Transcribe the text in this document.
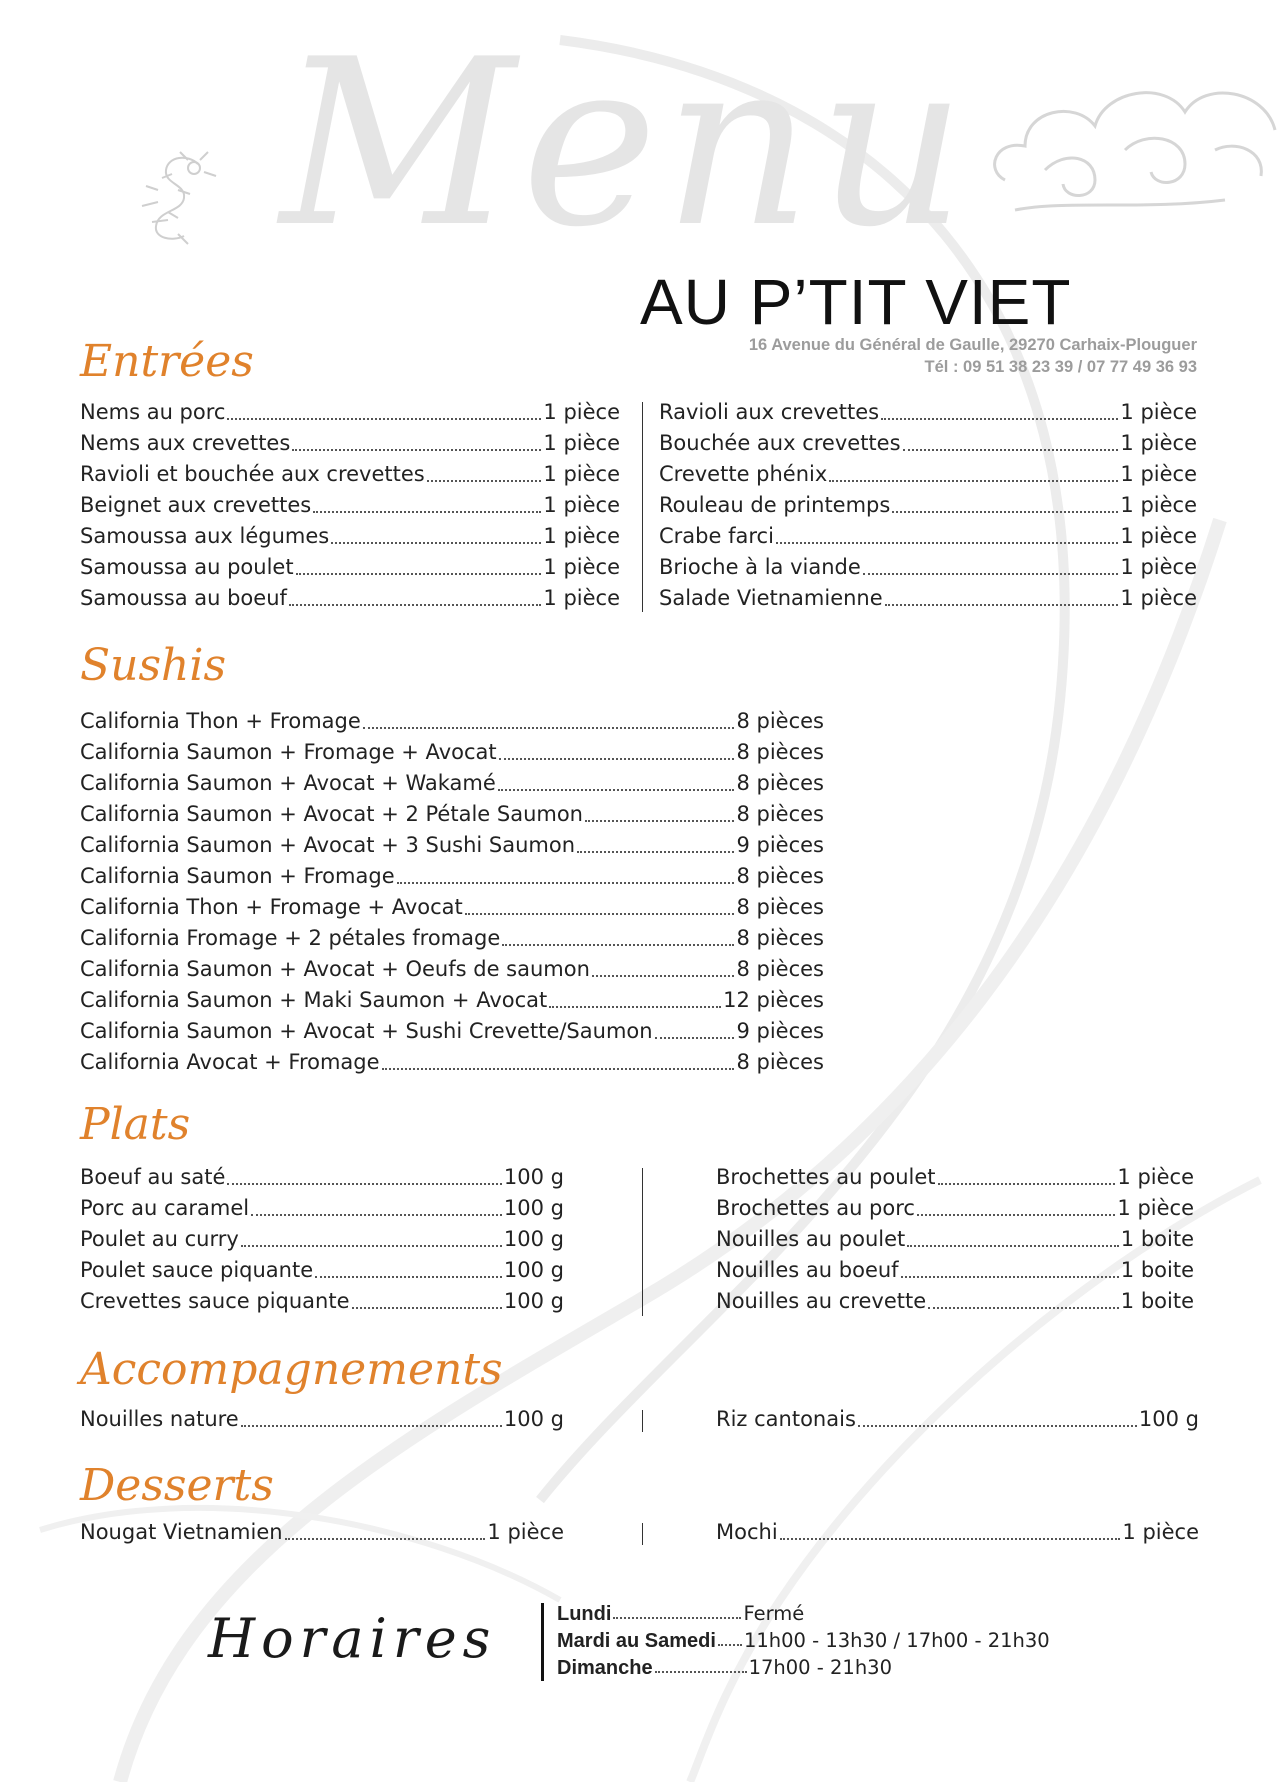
Menu
AU P’TIT VIET
16 Avenue du Général de Gaulle, 29270 Carhaix-Plouguer
Tél : 09 51 38 23 39 / 07 77 49 36 93
Entrées
Nems au porc	1 pièce
Nems aux crevettes	1 pièce
Ravioli et bouchée aux crevettes	1 pièce
Beignet aux crevettes	1 pièce
Samoussa aux légumes	1 pièce
Samoussa au poulet	1 pièce
Samoussa au boeuf	1 pièce
Ravioli aux crevettes	1 pièce
Bouchée aux crevettes	1 pièce
Crevette phénix	1 pièce
Rouleau de printemps	1 pièce
Crabe farci	1 pièce
Brioche à la viande	1 pièce
Salade Vietnamienne	1 pièce
Sushis
California Thon + Fromage	8 pièces
California Saumon + Fromage + Avocat	8 pièces
California Saumon + Avocat + Wakamé	8 pièces
California Saumon + Avocat + 2 Pétale Saumon	8 pièces
California Saumon + Avocat + 3 Sushi Saumon	9 pièces
California Saumon + Fromage	8 pièces
California Thon + Fromage + Avocat	8 pièces
California Fromage + 2 pétales fromage	8 pièces
California Saumon + Avocat + Oeufs de saumon	8 pièces
California Saumon + Maki Saumon + Avocat	12 pièces
California Saumon + Avocat + Sushi Crevette/Saumon	9 pièces
California Avocat + Fromage	8 pièces
Plats
Boeuf au saté	100 g
Porc au caramel	100 g
Poulet au curry	100 g
Poulet sauce piquante	100 g
Crevettes sauce piquante	100 g
Brochettes au poulet	1 pièce
Brochettes au porc	1 pièce
Nouilles au poulet	1 boite
Nouilles au boeuf	1 boite
Nouilles au crevette	1 boite
Accompagnements
Nouilles nature	100 g	Riz cantonais	100 g
Desserts
Nougat Vietnamien	1 pièce	Mochi	1 pièce
Horaires	Lundi	Fermé
Mardi au Samedi 11h00 - 13h30 / 17h00 - 21h30
Dimanche	17h00 - 21h30
